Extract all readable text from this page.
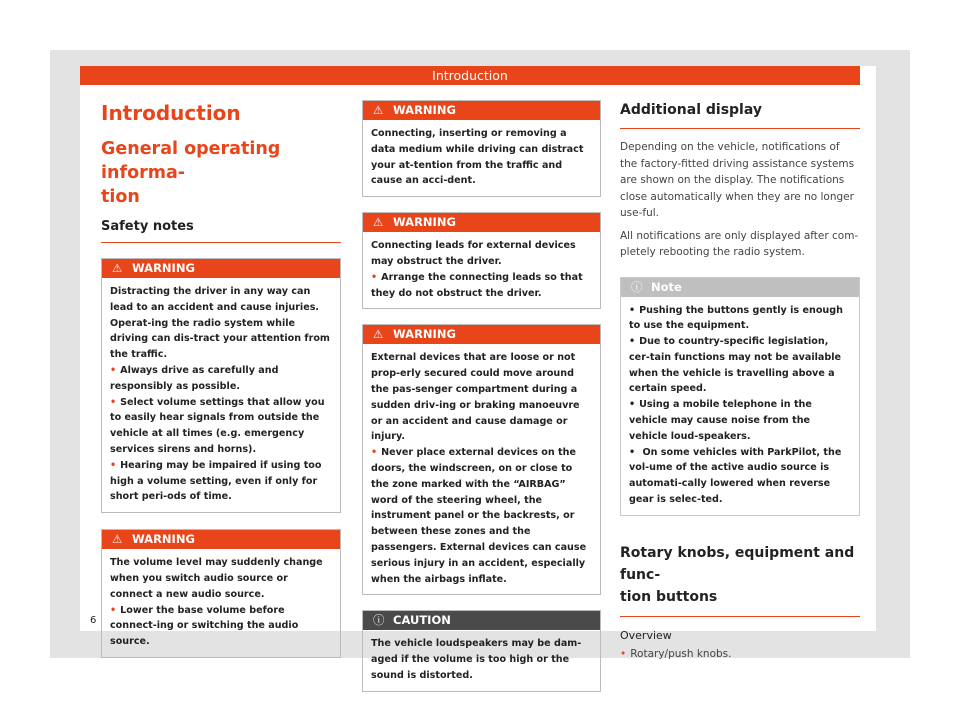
Introduction
Introduction
General operating informa-
tion
Safety notes
⚠ WARNING

Distracting the driver in any way can lead to an accident and cause injuries. Operat-ing the radio system while driving can dis-tract your attention from the traffic.

• Always drive as carefully and responsibly as possible.

• Select volume settings that allow you to easily hear signals from outside the vehicle at all times (e.g. emergency services sirens and horns).

• Hearing may be impaired if using too high a volume setting, even if only for short peri-ods of time.

⚠ WARNING

The volume level may suddenly change when you switch audio source or connect a new audio source.

• Lower the base volume before connect-ing or switching the audio source.

⚠ WARNING

Connecting, inserting or removing a data medium while driving can distract your at-tention from the traffic and cause an acci-dent.

⚠ WARNING

Connecting leads for external devices may obstruct the driver.

• Arrange the connecting leads so that they do not obstruct the driver.

⚠ WARNING

External devices that are loose or not prop-erly secured could move around the pas-senger compartment during a sudden driv-ing or braking manoeuvre or an accident and cause damage or injury.

• Never place external devices on the doors, the windscreen, on or close to the zone marked with the “AIRBAG” word of the steering wheel, the instrument panel or the backrests, or between these zones and the passengers. External devices can cause serious injury in an accident, especially when the airbags inflate.

ⓘ CAUTION

The vehicle loudspeakers may be dam-aged if the volume is too high or the sound is distorted.

Additional display

Depending on the vehicle, notifications of the factory-fitted driving assistance systems are shown on the display. The notifications close automatically when they are no longer use-ful.

All notifications are only displayed after com-pletely rebooting the radio system.

ⓘ Note

• Pushing the buttons gently is enough to use the equipment.

• Due to country-specific legislation, cer-tain functions may not be available when the vehicle is travelling above a certain speed.

• Using a mobile telephone in the vehicle may cause noise from the vehicle loud-speakers.

• On some vehicles with ParkPilot, the vol-ume of the active audio source is automati-cally lowered when reverse gear is selec-ted.

Rotary knobs, equipment and func-
tion buttons
Overview

• Rotary/push knobs.

6
